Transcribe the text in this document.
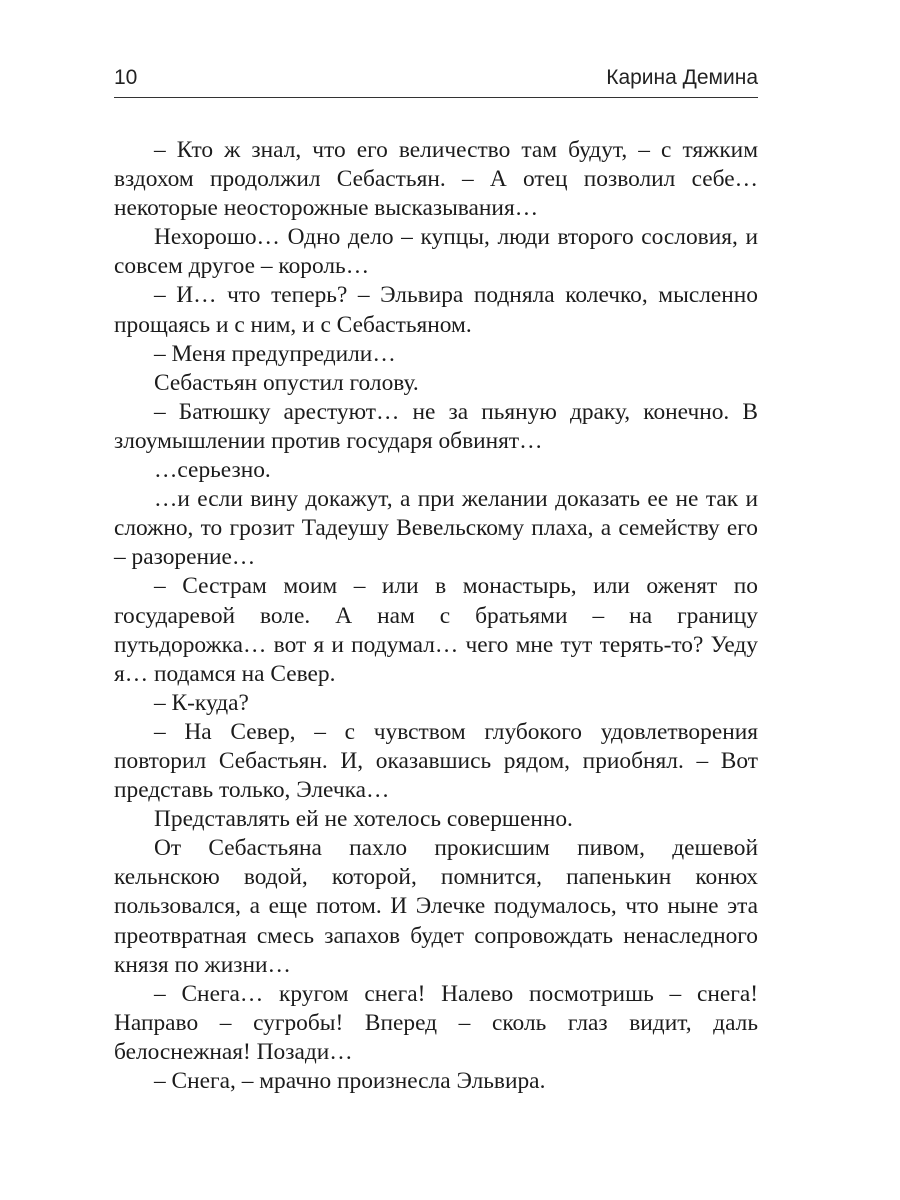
10	Карина Демина

– Кто ж знал, что его величество там будут, – с тяжким вздохом продолжил Себастьян. – А отец позволил себе… некоторые неосторожные высказывания…

Нехорошо… Одно дело – купцы, люди второго сословия, и совсем другое – король…

– И… что теперь? – Эльвира подняла колечко, мысленно прощаясь и с ним, и с Себастьяном.

– Меня предупредили…

Себастьян опустил голову.

– Батюшку арестуют… не за пьяную драку, конечно. В злоумышлении против государя обвинят…

…серьезно.

…и если вину докажут, а при желании доказать ее не так и сложно, то грозит Тадеушу Вевельскому плаха, а семейству его – разорение…

– Сестрам моим – или в монастырь, или оженят по государевой воле. А нам с братьями – на границу путьдорожка… вот я и подумал… чего мне тут терять-то? Уеду я… подамся на Север.

– К-куда?

– На Север, – с чувством глубокого удовлетворения повторил Себастьян. И, оказавшись рядом, приобнял. – Вот представь только, Элечка…

Представлять ей не хотелось совершенно.

От Себастьяна пахло прокисшим пивом, дешевой кельнскою водой, которой, помнится, папенькин конюх пользовался, а еще потом. И Элечке подумалось, что ныне эта преотвратная смесь запахов будет сопровождать ненаследного князя по жизни…

– Снега… кругом снега! Налево посмотришь – снега! Направо – сугробы! Вперед – сколь глаз видит, даль белоснежная! Позади…

– Снега, – мрачно произнесла Эльвира.
